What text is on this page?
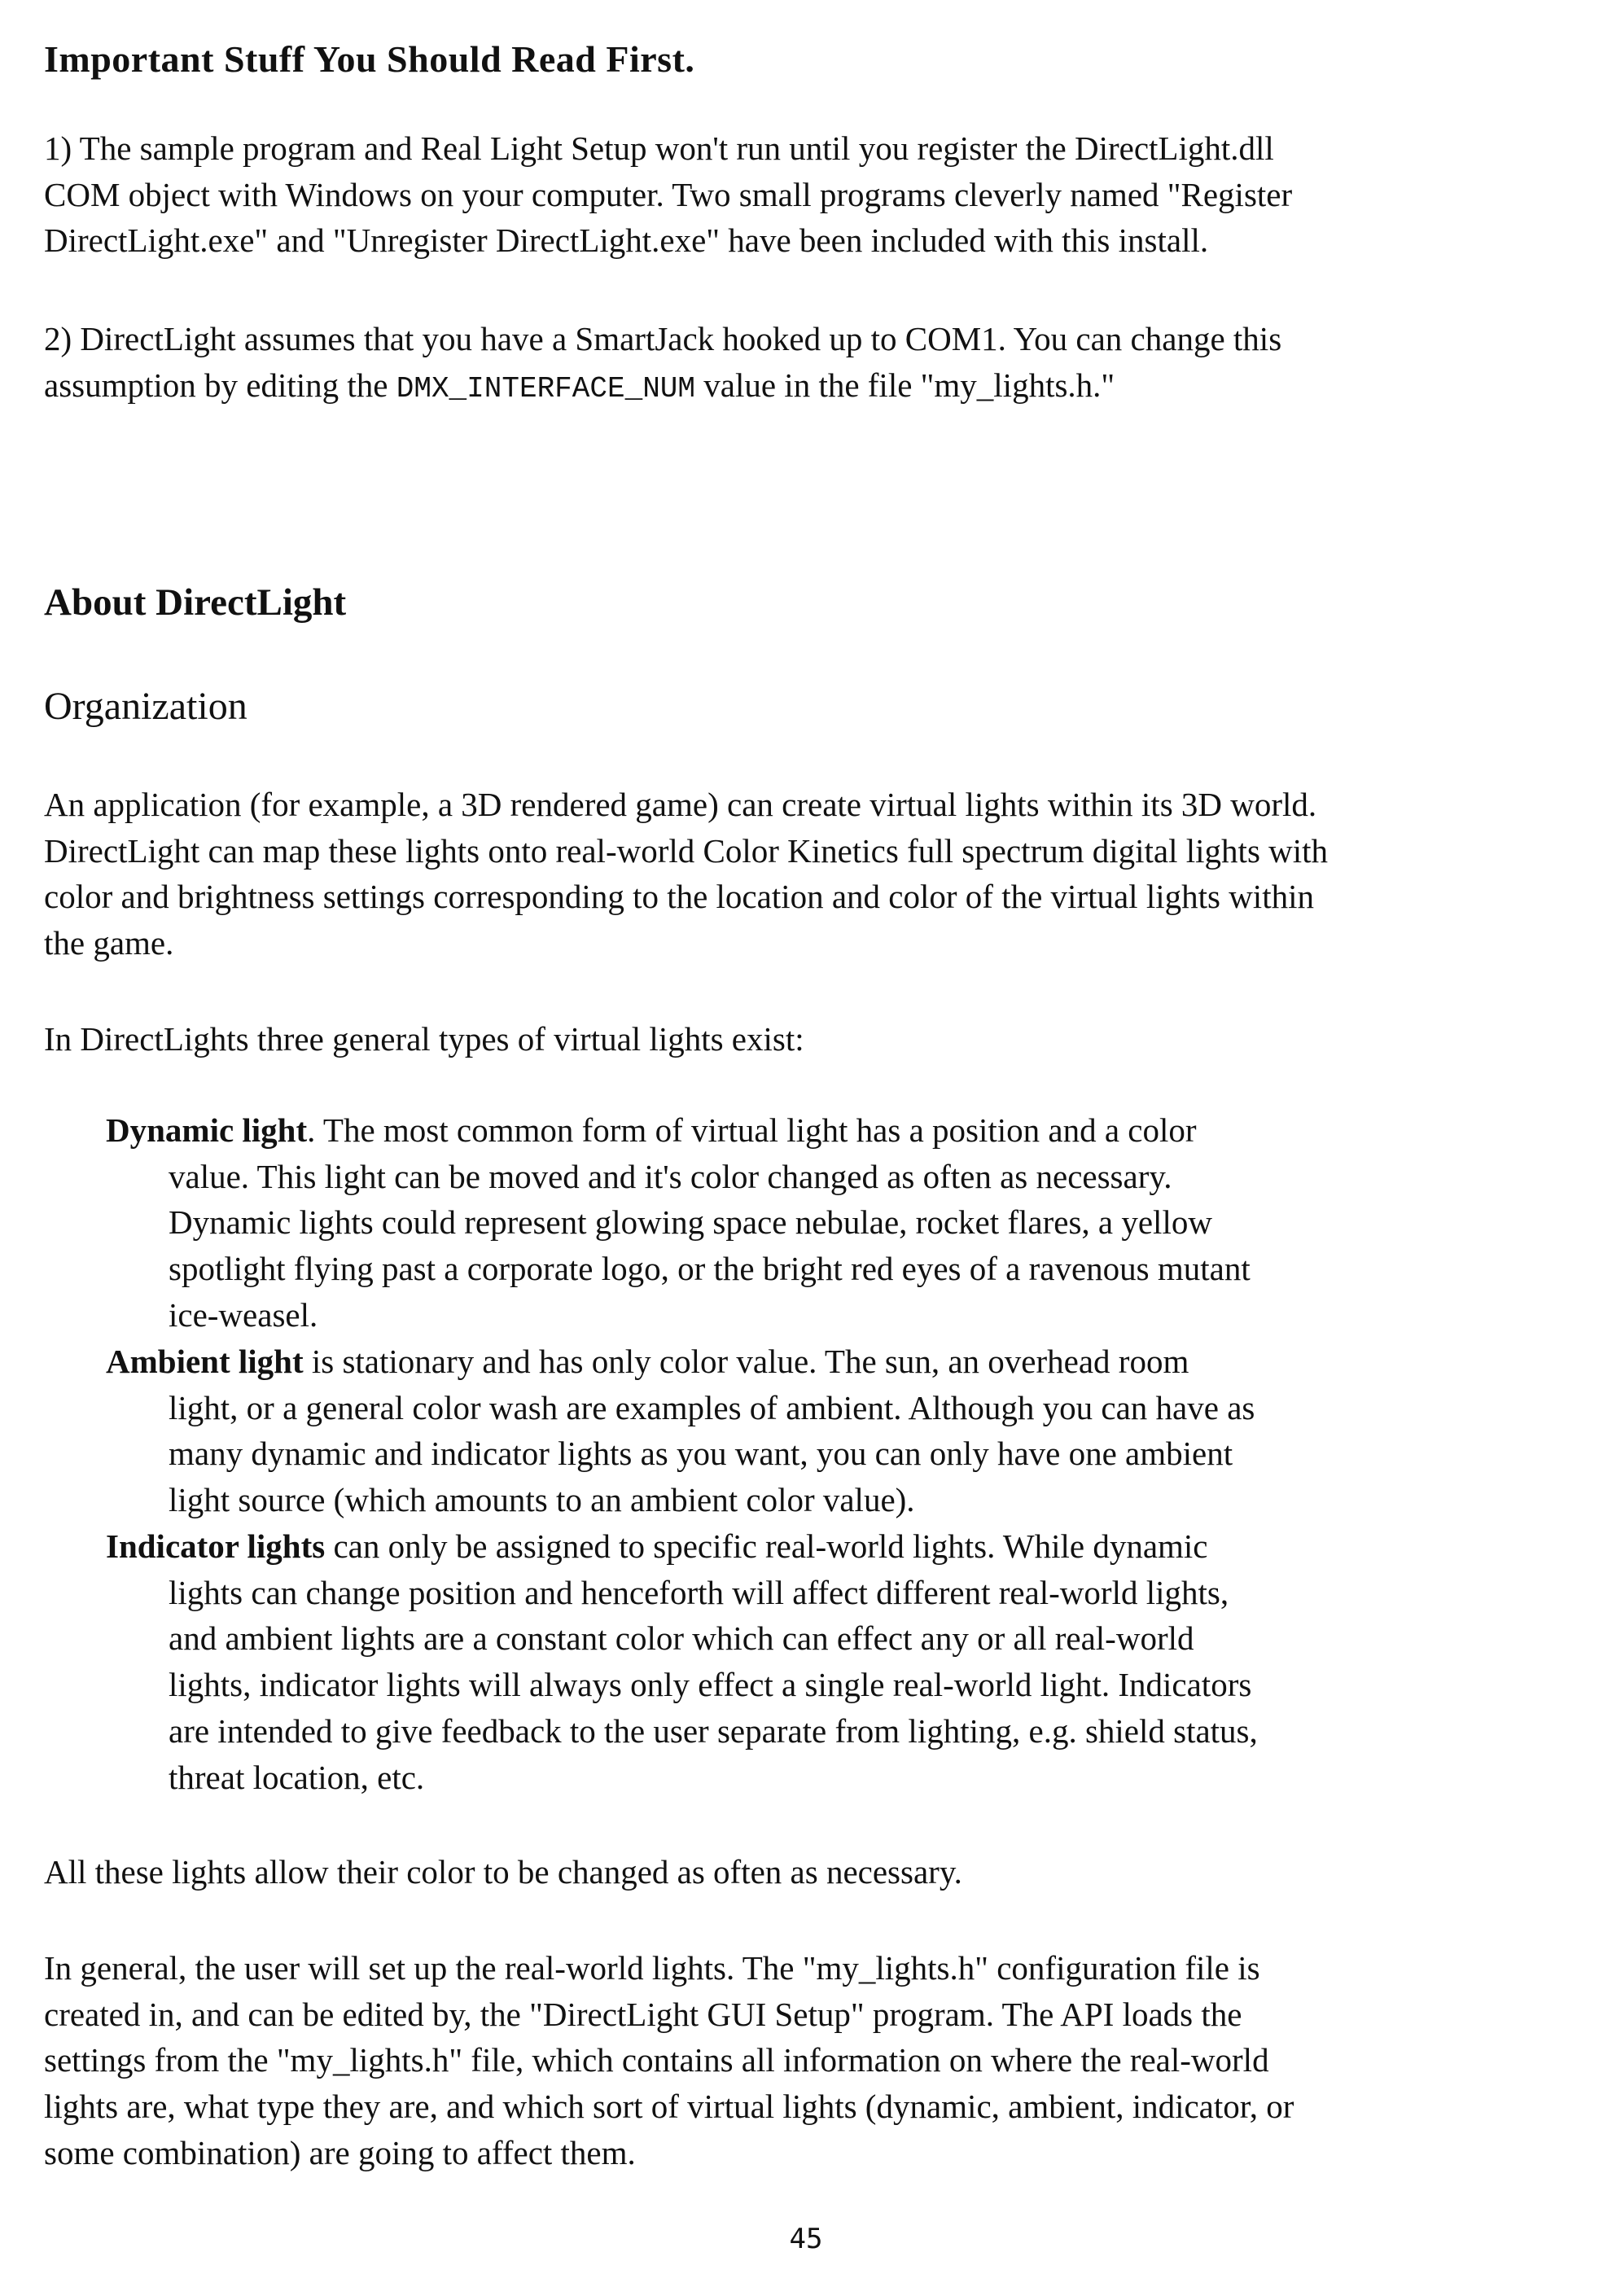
Important Stuff You Should Read First.
1) The sample program and Real Light Setup won't run until you register the DirectLight.dll
COM object with Windows on your computer. Two small programs cleverly named "Register
DirectLight.exe" and "Unregister DirectLight.exe" have been included with this install.
2) DirectLight assumes that you have a SmartJack hooked up to COM1. You can change this
assumption by editing the DMX_INTERFACE_NUM value in the file "my_lights.h."
About DirectLight
Organization
An application (for example, a 3D rendered game) can create virtual lights within its 3D world.
DirectLight can map these lights onto real-world Color Kinetics full spectrum digital lights with
color and brightness settings corresponding to the location and color of the virtual lights within
the game.
In DirectLights three general types of virtual lights exist:
Dynamic light. The most common form of virtual light has a position and a color
value. This light can be moved and it's color changed as often as necessary.
Dynamic lights could represent glowing space nebulae, rocket flares, a yellow
spotlight flying past a corporate logo, or the bright red eyes of a ravenous mutant
ice-weasel.
Ambient light is stationary and has only color value. The sun, an overhead room
light, or a general color wash are examples of ambient. Although you can have as
many dynamic and indicator lights as you want, you can only have one ambient
light source (which amounts to an ambient color value).
Indicator lights can only be assigned to specific real-world lights. While dynamic
lights can change position and henceforth will affect different real-world lights,
and ambient lights are a constant color which can effect any or all real-world
lights, indicator lights will always only effect a single real-world light. Indicators
are intended to give feedback to the user separate from lighting, e.g. shield status,
threat location, etc.
All these lights allow their color to be changed as often as necessary.
In general, the user will set up the real-world lights. The "my_lights.h" configuration file is
created in, and can be edited by, the "DirectLight GUI Setup" program. The API loads the
settings from the "my_lights.h" file, which contains all information on where the real-world
lights are, what type they are, and which sort of virtual lights (dynamic, ambient, indicator, or
some combination) are going to affect them.
45
